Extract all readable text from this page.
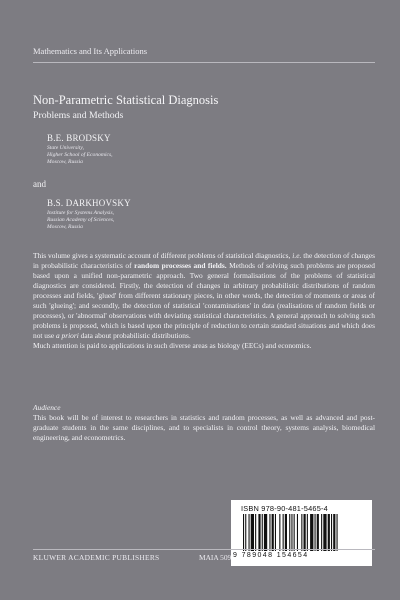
Mathematics and Its Applications
Non-Parametric Statistical Diagnosis
Problems and Methods
B.E. BRODSKY
State University,
Higher School of Economics,
Moscow, Russia
and
B.S. DARKHOVSKY
Institute for Systems Analysis,
Russian Academy of Sciences,
Moscow, Russia

This volume gives a systematic account of different problems of statistical diagnostics, i.e. the detection of changes in probabilistic characteristics of random processes and fields. Methods of solving such problems are proposed based upon a unified non-parametric approach. Two general formalisations of the problems of statistical diagnostics are considered. Firstly, the detection of changes in arbitrary probabilistic distributions of random processes and fields, 'glued' from different stationary pieces, in other words, the detection of moments or areas of such 'glueing'; and secondly, the detection of statistical 'contaminations' in data (realisations of random fields or processes), or 'abnormal' observations with deviating statistical characteristics. A general approach to solving such problems is proposed, which is based upon the principle of reduction to certain standard situations and which does not use a priori data about probabilistic distributions.

Much attention is paid to applications in such diverse areas as biology (EECs) and economics.

Audience
This book will be of interest to researchers in statistics and random processes, as well as advanced and post-graduate students in the same disciplines, and to specialists in control theory, systems analysis, biomedical engineering, and econometrics.
ISBN 978-90-481-5465-4
9 789048 154654
KLUWER ACADEMIC PUBLISHERS	MAIA 509
